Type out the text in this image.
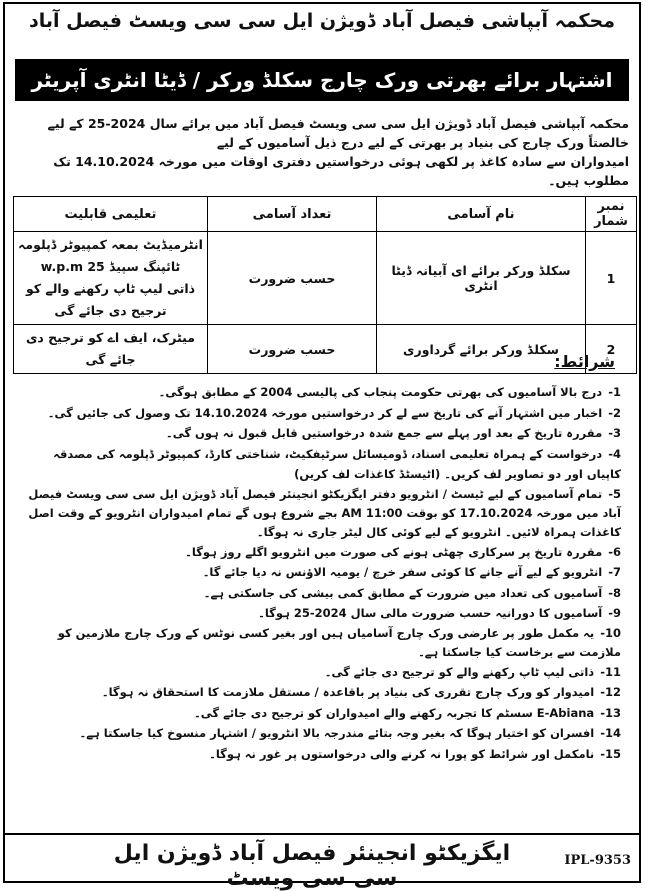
محکمہ آبپاشی فیصل آباد ڈویژن ایل سی سی ویسٹ فیصل آباد
اشتہار برائے بھرتی ورک چارج سکلڈ ورکر / ڈیٹا انٹری آپریٹر

محکمہ آبپاشی فیصل آباد ڈویژن ایل سی سی ویسٹ فیصل آباد میں برائے سال 2024-25 کے لیے خالصتاً ورک چارج کی بنیاد پر بھرتی کے لیے درج ذیل آسامیوں کے لیے

امیدواران سے سادہ کاغذ پر لکھی ہوئی درخواستیں دفتری اوقات میں مورخہ 14.10.2024 تک مطلوب ہیں۔

نمبر شمار	نام آسامی	تعداد آسامی	تعلیمی قابلیت
1	سکلڈ ورکر برائے ای آبیانہ ڈیٹا انٹری	حسب ضرورت	انٹرمیڈیٹ بمعہ کمپیوٹر ڈپلومہ
ٹائپنگ سپیڈ 25 w.p.m
ذاتی لیپ ٹاپ رکھنے والے کو ترجیح دی جائے گی

2	سکلڈ ورکر برائے گرداوری	حسب ضرورت	میٹرک، ایف اے کو ترجیح دی جائے گی	شرائط:
1-درج بالا آسامیوں کی بھرتی حکومت پنجاب کی پالیسی 2004 کے مطابق ہوگی۔
2-اخبار میں اشتہار آنے کی تاریخ سے لے کر درخواستیں مورخہ 14.10.2024 تک وصول کی جائیں گی۔
3-مقررہ تاریخ کے بعد اور پہلے سے جمع شدہ درخواستیں قابل قبول نہ ہوں گی۔
4-درخواست کے ہمراہ تعلیمی اسناد، ڈومیسائل سرٹیفکیٹ، شناختی کارڈ، کمپیوٹر ڈپلومہ کی مصدقہ کاپیاں اور دو تصاویر لف کریں۔ (اٹیسٹڈ کاغذات لف کریں)
5-تمام آسامیوں کے لیے ٹیسٹ / انٹرویو دفتر ایگزیکٹو انجینئر فیصل آباد ڈویژن ایل سی سی ویسٹ فیصل آباد میں مورخہ 17.10.2024 کو بوقت 11:00 AM بجے شروع ہوں گے تمام امیدواران انٹرویو کے وقت اصل کاغذات ہمراہ لائیں۔ انٹرویو کے لیے کوئی کال لیٹر جاری نہ ہوگا۔
6-مقررہ تاریخ پر سرکاری چھٹی ہونے کی صورت میں انٹرویو اگلے روز ہوگا۔
7-انٹرویو کے لیے آنے جانے کا کوئی سفر خرچ / یومیہ الاؤنس نہ دیا جائے گا۔
8-آسامیوں کی تعداد میں ضرورت کے مطابق کمی بیشی کی جاسکتی ہے۔
9-آسامیوں کا دورانیہ حسب ضرورت مالی سال 2024-25 ہوگا۔
10-یہ مکمل طور پر عارضی ورک چارج آسامیاں ہیں اور بغیر کسی نوٹس کے ورک چارج ملازمین کو ملازمت سے برخاست کیا جاسکتا ہے۔
11-ذاتی لیپ ٹاپ رکھنے والے کو ترجیح دی جائے گی۔
12-امیدوار کو ورک چارج تقرری کی بنیاد پر باقاعدہ / مستقل ملازمت کا استحقاق نہ ہوگا۔
13-E-Abiana سسٹم کا تجربہ رکھنے والے امیدواران کو ترجیح دی جائے گی۔
14-افسران کو اختیار ہوگا کہ بغیر وجہ بتائے مندرجہ بالا انٹرویو / اشتہار منسوخ کیا جاسکتا ہے۔
15-نامکمل اور شرائط کو پورا نہ کرنے والی درخواستوں پر غور نہ ہوگا۔
ایگزیکٹو انجینئر فیصل آباد ڈویژن ایل سی سی ویسٹ
IPL-9353
